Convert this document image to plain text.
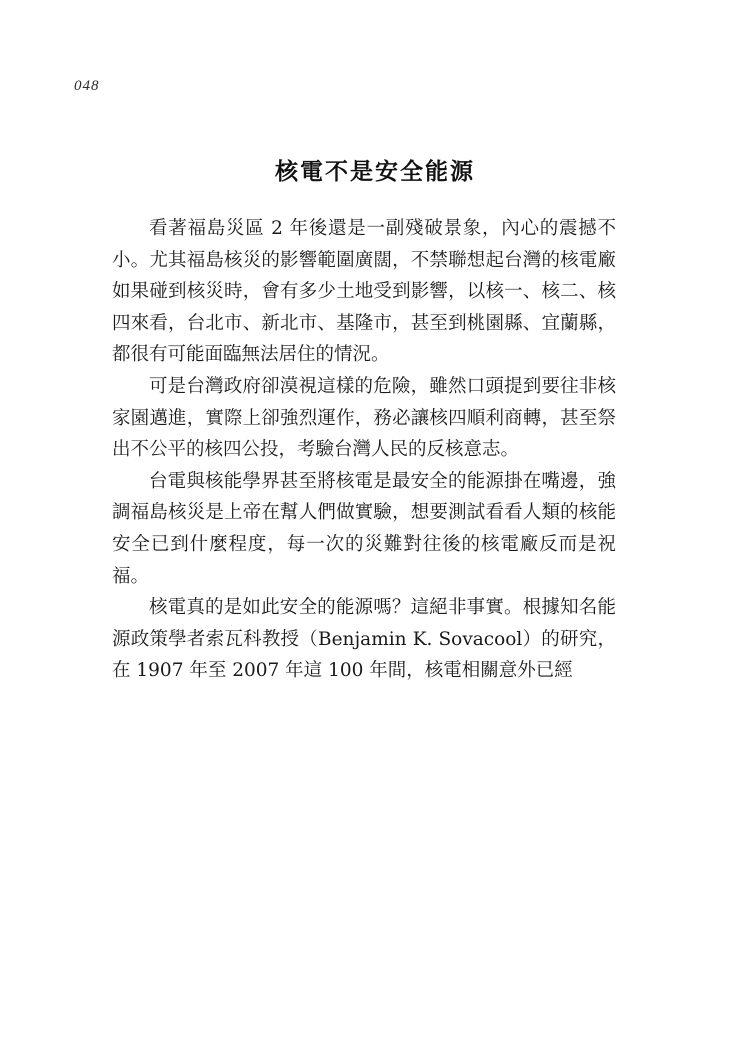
048
核電不是安全能源

看著福島災區 2 年後還是一副殘破景象，內心的震撼不小。尤其福島核災的影響範圍廣闊，不禁聯想起台灣的核電廠如果碰到核災時，會有多少土地受到影響，以核一、核二、核四來看，台北市、新北市、基隆市，甚至到桃園縣、宜蘭縣，都很有可能面臨無法居住的情況。

可是台灣政府卻漠視這樣的危險，雖然口頭提到要往非核家園邁進，實際上卻強烈運作，務必讓核四順利商轉，甚至祭出不公平的核四公投，考驗台灣人民的反核意志。

台電與核能學界甚至將核電是最安全的能源掛在嘴邊，強調福島核災是上帝在幫人們做實驗，想要測試看看人類的核能安全已到什麼程度，每一次的災難對往後的核電廠反而是祝福。

核電真的是如此安全的能源嗎？這絕非事實。根據知名能源政策學者索瓦科教授（Benjamin K. Sovacool）的研究，在 1907 年至 2007 年這 100 年間，核電相關意外已經
